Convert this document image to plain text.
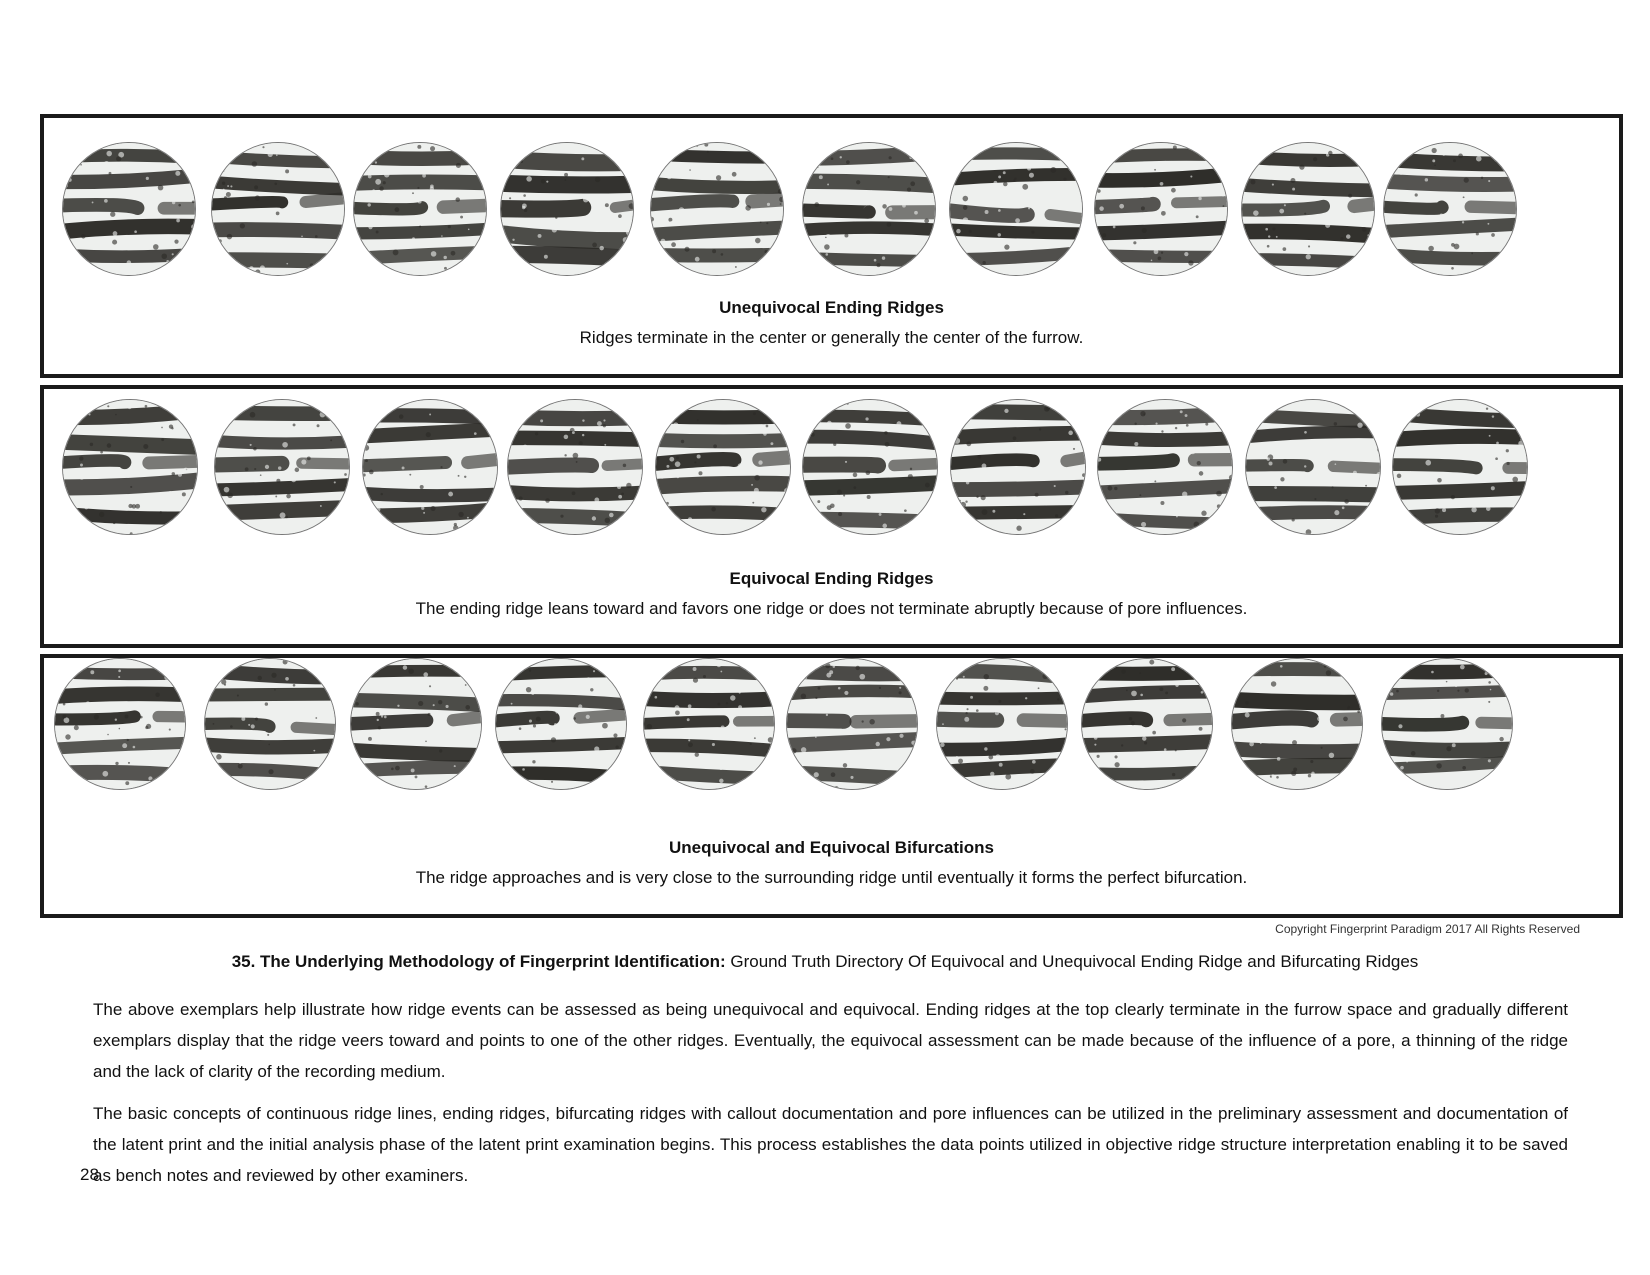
Unequivocal Ending Ridges
Ridges terminate in the center or generally the center of the furrow.
Equivocal Ending Ridges
The ending ridge leans toward and favors one ridge or does not terminate abruptly because of pore influences.
Unequivocal and Equivocal Bifurcations
The ridge approaches and is very close to the surrounding ridge until eventually it forms the perfect bifurcation.
Copyright Fingerprint Paradigm 2017 All Rights Reserved
35. The Underlying Methodology of Fingerprint Identification: Ground Truth Directory Of Equivocal and Unequivocal Ending Ridge and Bifurcating Ridges
The above exemplars help illustrate how ridge events can be assessed as being unequivocal and equivocal. Ending ridges at the top clearly terminate in the furrow space and gradually different exemplars display that the ridge veers toward and points to one of the other ridges. Eventually, the equivocal assessment can be made because of the influence of a pore, a thinning of the ridge and the lack of clarity of the recording medium.
The basic concepts of continuous ridge lines, ending ridges, bifurcating ridges with callout documentation and pore influences can be utilized in the preliminary assessment and documentation of the latent print and the initial analysis phase of the latent print examination begins. This process establishes the data points utilized in objective ridge structure interpretation enabling it to be saved as bench notes and reviewed by other examiners.
28
